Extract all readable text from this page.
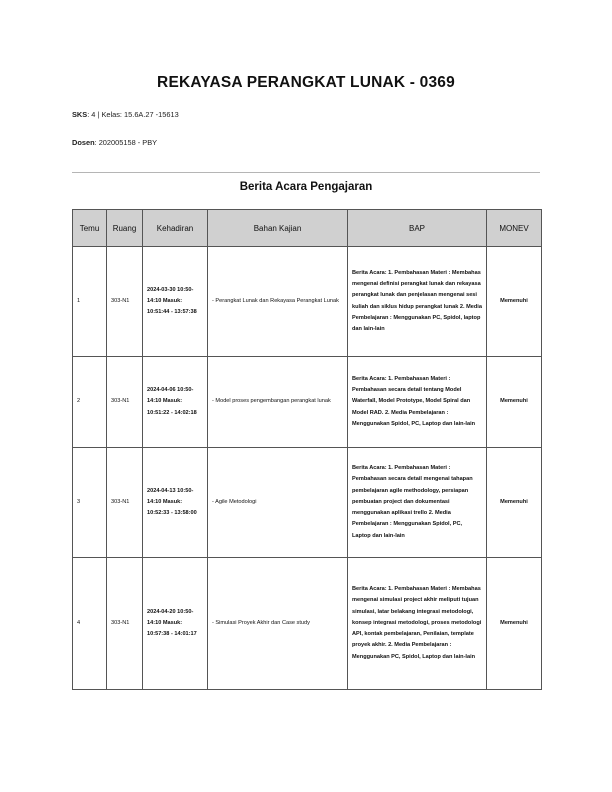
REKAYASA PERANGKAT LUNAK - 0369
SKS: 4 | Kelas: 15.6A.27 -15613
Dosen: 202005158 - PBY
Berita Acara Pengajaran
Temu	Ruang	Kehadiran	Bahan Kajian	BAP	MONEV
1	303-N1	2024-03-30 10:50-14:10 Masuk: 10:51:44 - 13:57:38	- Perangkat Lunak dan Rekayasa Perangkat Lunak	Berita Acara: 1. Pembahasan Materi : Membahas mengenai definisi perangkat lunak dan rekayasa perangkat lunak dan penjelasan mengenai sesi kuliah dan siklus hidup perangkat lunak 2. Media Pembelajaran : Menggunakan PC, Spidol, laptop dan lain-lain	Memenuhi
2	303-N1	2024-04-06 10:50-14:10 Masuk: 10:51:22 - 14:02:18	- Model proses pengembangan perangkat lunak	Berita Acara: 1. Pembahasan Materi : Pembahasan secara detail tentang Model Waterfall, Model Prototype, Model Spiral dan Model RAD. 2. Media Pembelajaran : Menggunakan Spidol, PC, Laptop dan lain-lain	Memenuhi
3	303-N1	2024-04-13 10:50-14:10 Masuk: 10:52:33 - 13:58:00	- Agile Metodologi	Berita Acara: 1. Pembahasan Materi : Pembahasan secara detail mengenai tahapan pembelajaran agile methodology, persiapan pembuatan project dan dokumentasi menggunakan aplikasi trello 2. Media Pembelajaran : Menggunakan Spidol, PC, Laptop dan lain-lain	Memenuhi
4	303-N1	2024-04-20 10:50-14:10 Masuk: 10:57:38 - 14:01:17	- Simulasi Proyek Akhir dan Case study	Berita Acara: 1. Pembahasan Materi : Membahas mengenai simulasi project akhir meliputi tujuan simulasi, latar belakang integrasi metodologi, konsep integrasi metodologi, proses metodologi API, kontak pembelajaran, Penilaian, template proyek akhir. 2. Media Pembelajaran : Menggunakan PC, Spidol, Laptop dan lain-lain	Memenuhi
